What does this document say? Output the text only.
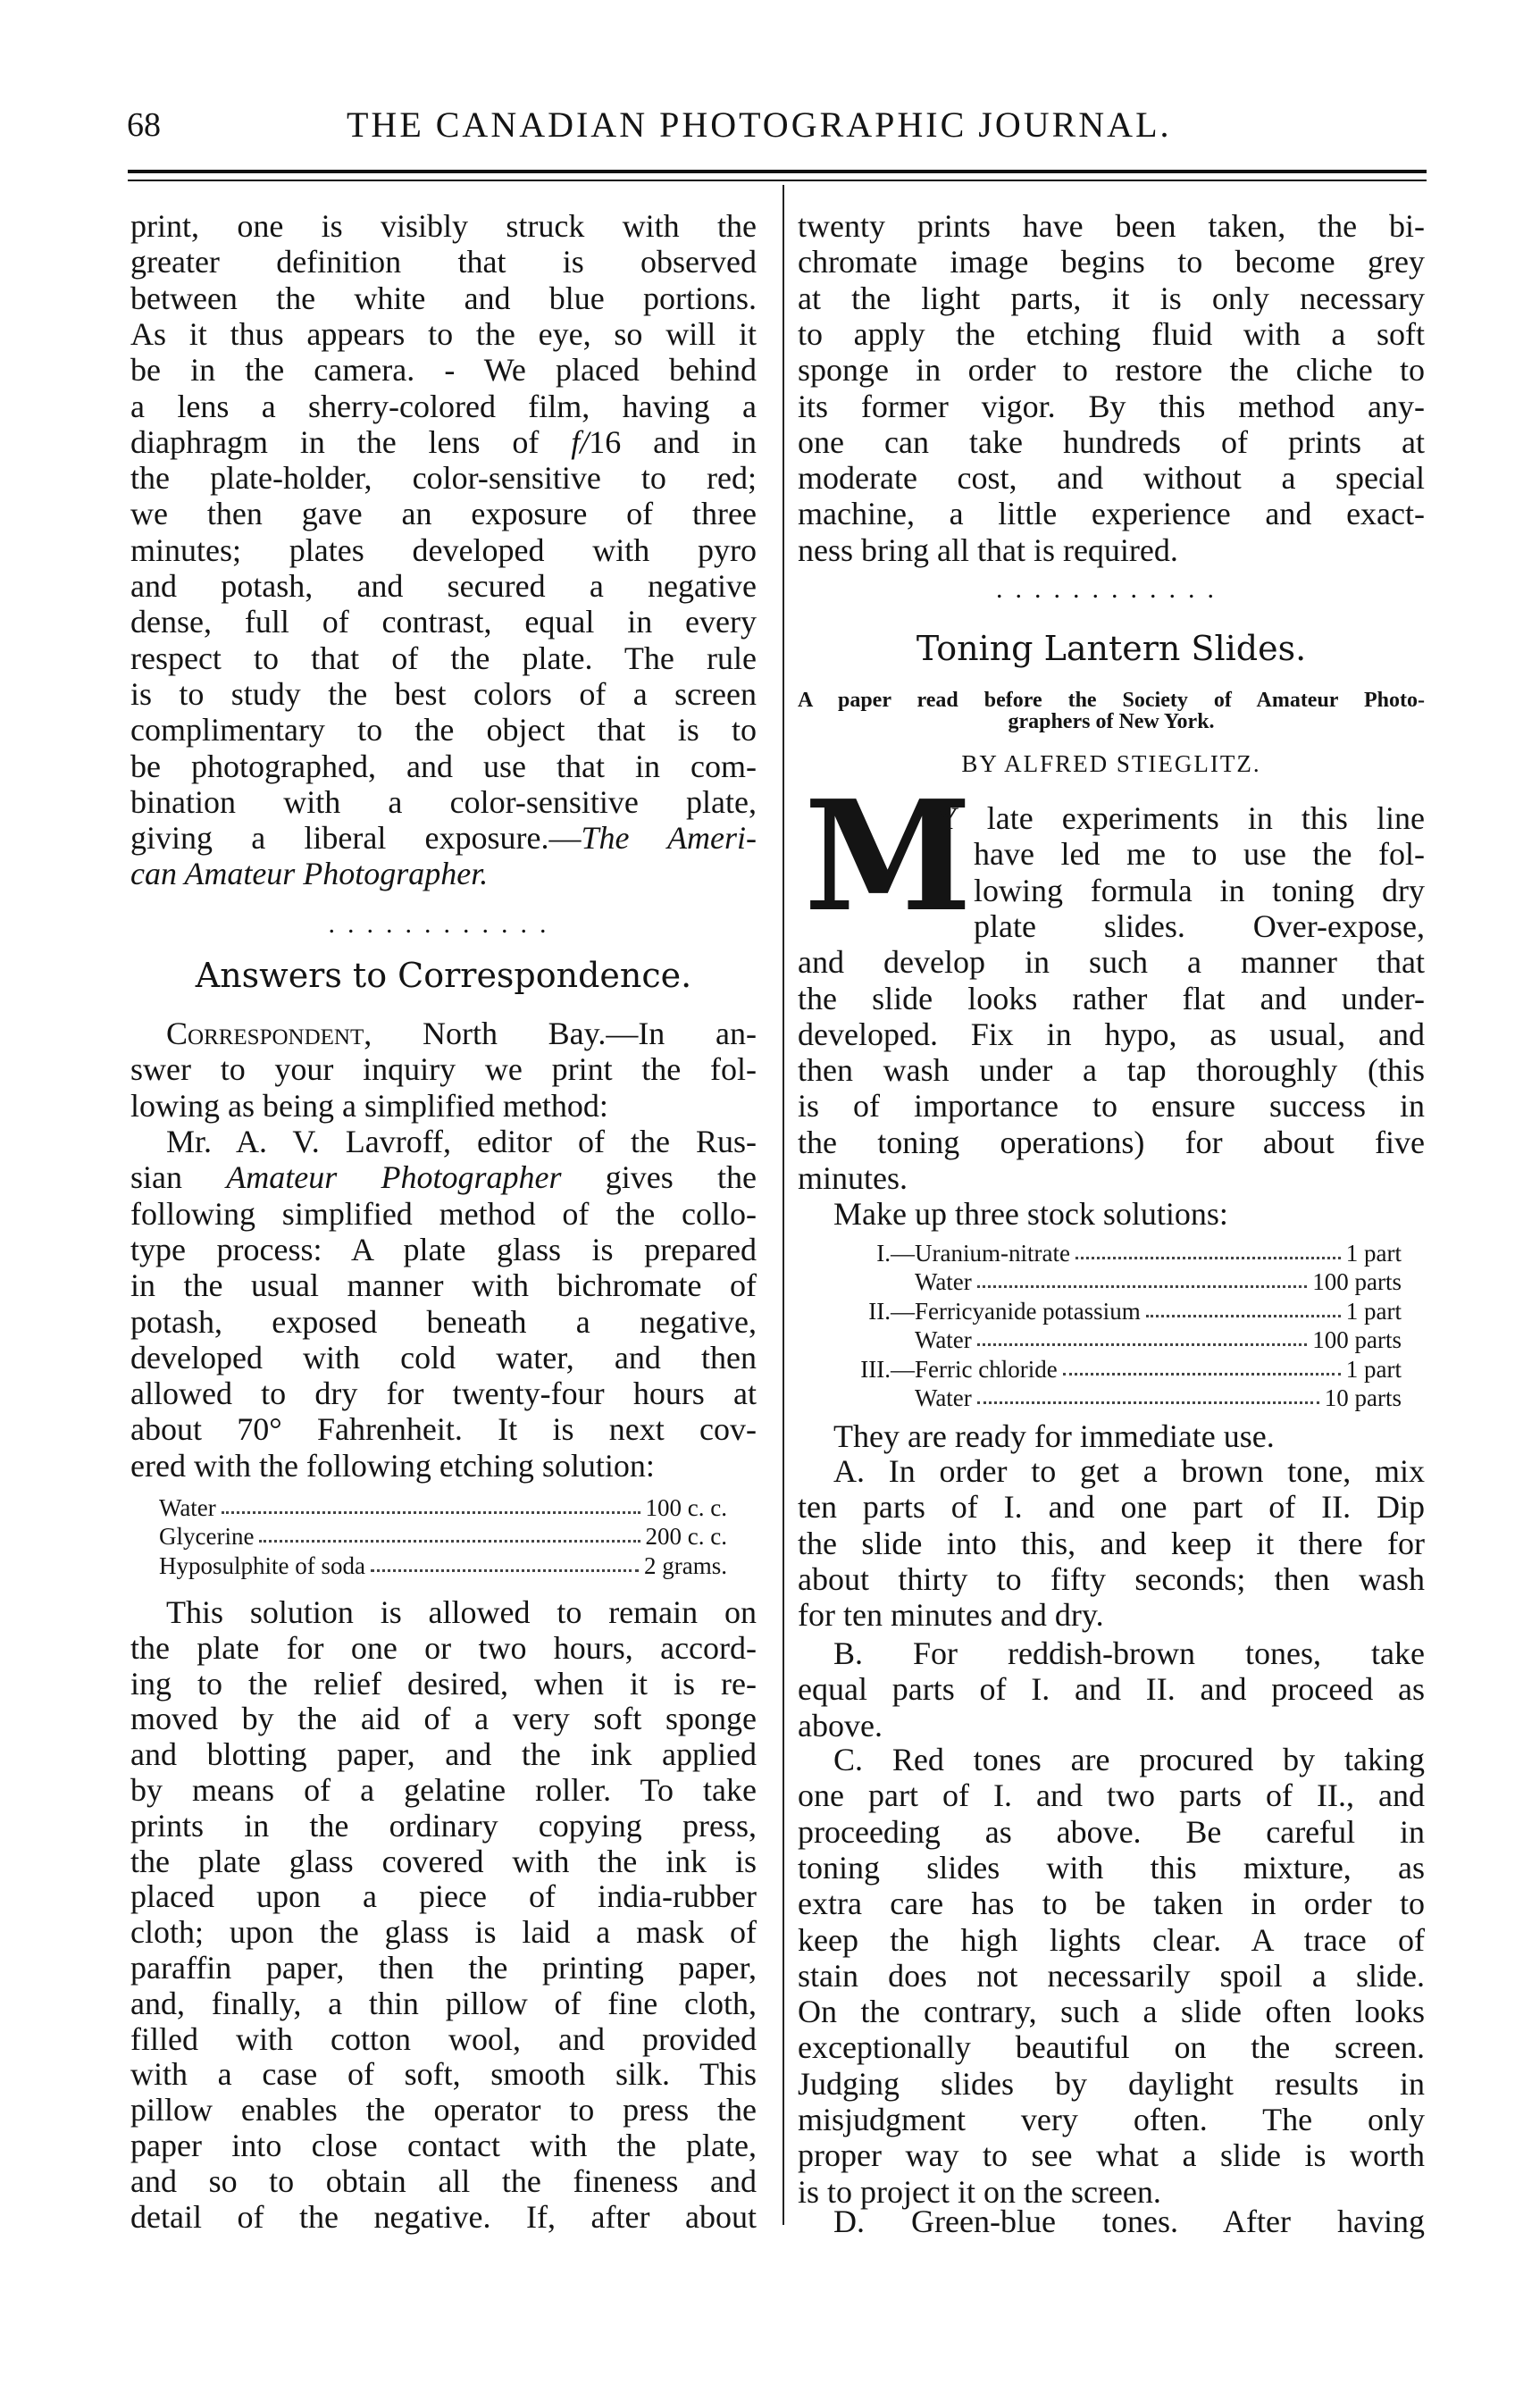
68	THE CANADIAN PHOTOGRAPHIC JOURNAL.
print, one is visibly struck with the
greater definition that is observed
between the white and blue portions.
As it thus appears to the eye, so will it
be in the camera. - We placed behind
a lens a sherry-colored film, having a
diaphragm in the lens of f/16 and in
the plate-holder, color-sensitive to red;
we then gave an exposure of three
minutes; plates developed with pyro
and potash, and secured a negative
dense, full of contrast, equal in every
respect to that of the plate. The rule
is to study the best colors of a screen
complimentary to the object that is to
be photographed, and use that in com-
bination with a color-sensitive plate,
giving a liberal exposure.—The Ameri-
can Amateur Photographer.
............
Answers to Correspondence.
Correspondent, North Bay.—In an-
swer to your inquiry we print the fol-
lowing as being a simplified method:
Mr. A. V. Lavroff, editor of the Rus-
sian Amateur Photographer gives the
following simplified method of the collo-
type process: A plate glass is prepared
in the usual manner with bichromate of
potash, exposed beneath a negative,
developed with cold water, and then
allowed to dry for twenty-four hours at
about 70° Fahrenheit. It is next cov-
ered with the following etching solution:
Water	100 c. c.
Glycerine	200 c. c.
Hyposulphite of soda	2 grams.
This solution is allowed to remain on
the plate for one or two hours, accord-
ing to the relief desired, when it is re-
moved by the aid of a very soft sponge
and blotting paper, and the ink applied
by means of a gelatine roller. To take
prints in the ordinary copying press,
the plate glass covered with the ink is
placed upon a piece of india-rubber
cloth; upon the glass is laid a mask of
paraffin paper, then the printing paper,
and, finally, a thin pillow of fine cloth,
filled with cotton wool, and provided
with a case of soft, smooth silk. This
pillow enables the operator to press the
paper into close contact with the plate,
and so to obtain all the fineness and
detail of the negative. If, after about
twenty prints have been taken, the bi-
chromate image begins to become grey
at the light parts, it is only necessary
to apply the etching fluid with a soft
sponge in order to restore the cliche to
its former vigor. By this method any-
one can take hundreds of prints at
moderate cost, and without a special
machine, a little experience and exact-
ness bring all that is required.
............
Toning Lantern Slides.
A paper read before the Society of Amateur Photo-
graphers of New York.
BY ALFRED STIEGLITZ.
M
Y late experiments in this line
have led me to use the fol-
lowing formula in toning dry
plate slides. Over-expose,
and develop in such a manner that
the slide looks rather flat and under-
developed. Fix in hypo, as usual, and
then wash under a tap thoroughly (this
is of importance to ensure success in
the toning operations) for about five
minutes.
Make up three stock solutions:
I.— Uranium-nitrate	1 part
Water	100 parts
II.— Ferricyanide potassium	1 part
Water	100 parts
III.— Ferric chloride	1 part
Water	10 parts
They are ready for immediate use.
A. In order to get a brown tone, mix
ten parts of I. and one part of II. Dip
the slide into this, and keep it there for
about thirty to fifty seconds; then wash
for ten minutes and dry.
B. For reddish-brown tones, take
equal parts of I. and II. and proceed as
above.
C. Red tones are procured by taking
one part of I. and two parts of II., and
proceeding as above. Be careful in
toning slides with this mixture, as
extra care has to be taken in order to
keep the high lights clear. A trace of
stain does not necessarily spoil a slide.
On the contrary, such a slide often looks
exceptionally beautiful on the screen.
Judging slides by daylight results in
misjudgment very often. The only
proper way to see what a slide is worth
is to project it on the screen.
D. Green-blue tones. After having
